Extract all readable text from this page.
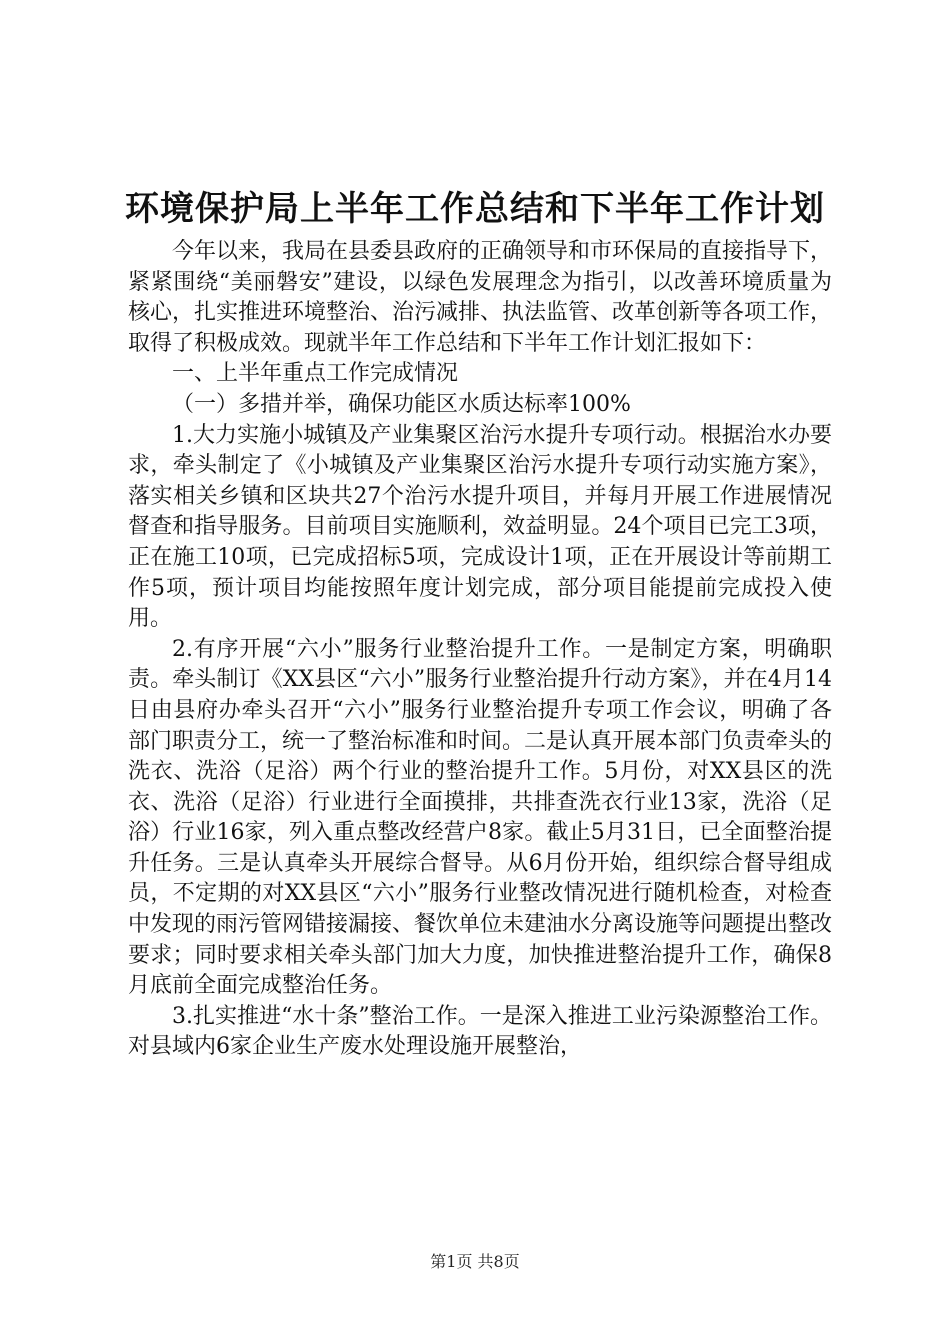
环境保护局上半年工作总结和下半年工作计划

今年以来，我局在县委县政府的正确领导和市环保局的直接指导下，紧紧围绕“美丽磐安”建设，以绿色发展理念为指引，以改善环境质量为核心，扎实推进环境整治、治污减排、执法监管、改革创新等各项工作，取得了积极成效。现就半年工作总结和下半年工作计划汇报如下：

一、上半年重点工作完成情况

（一）多措并举，确保功能区水质达标率100%

1.大力实施小城镇及产业集聚区治污水提升专项行动。根据治水办要求，牵头制定了《小城镇及产业集聚区治污水提升专项行动实施方案》，落实相关乡镇和区块共27个治污水提升项目，并每月开展工作进展情况督查和指导服务。目前项目实施顺利，效益明显。24个项目已完工3项，正在施工10项，已完成招标5项，完成设计1项，正在开展设计等前期工作5项，预计项目均能按照年度计划完成，部分项目能提前完成投入使用。

2.有序开展“六小”服务行业整治提升工作。一是制定方案，明确职责。牵头制订《XX县区“六小”服务行业整治提升行动方案》，并在4月14日由县府办牵头召开“六小”服务行业整治提升专项工作会议，明确了各部门职责分工，统一了整治标准和时间。二是认真开展本部门负责牵头的洗衣、洗浴（足浴）两个行业的整治提升工作。5月份，对XX县区的洗衣、洗浴（足浴）行业进行全面摸排，共排查洗衣行业13家，洗浴（足浴）行业16家，列入重点整改经营户8家。截止5月31日，已全面整治提升任务。三是认真牵头开展综合督导。从6月份开始，组织综合督导组成员，不定期的对XX县区“六小”服务行业整改情况进行随机检查，对检查中发现的雨污管网错接漏接、餐饮单位未建油水分离设施等问题提出整改要求；同时要求相关牵头部门加大力度，加快推进整治提升工作，确保8月底前全面完成整治任务。

3.扎实推进“水十条”整治工作。一是深入推进工业污染源整治工作。对县域内6家企业生产废水处理设施开展整治，

第1页 共8页
